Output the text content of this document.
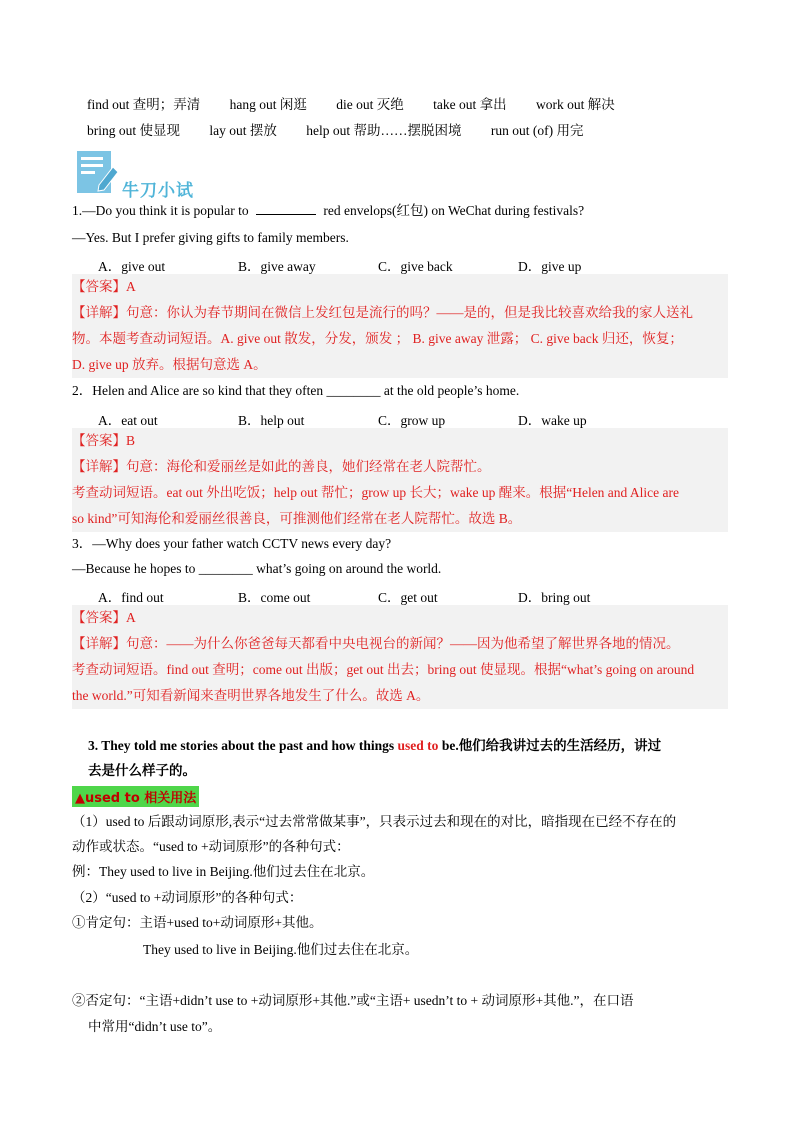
find out 查明；弄清 hang out 闲逛 die out 灭绝 take out 拿出 work out 解决
bring out 使显现 lay out 摆放 help out 帮助……摆脱困境 run out (of) 用完
牛刀小试
1.—Do you think it is popular to	red envelops(红包) on WeChat during festivals?
—Yes. But I prefer giving gifts to family members.
A．give out	B．give away	C．give back	D．give up
【答案】A
【详解】句意：你认为春节期间在微信上发红包是流行的吗？——是的，但是我比较喜欢给我的家人送礼
物。本题考查动词短语。A. give out 散发，分发，颁发 ； B. give away 泄露； C. give back 归还，恢复；
D. give up 放弃。根据句意选 A。
2．Helen and Alice are so kind that they often ________ at the old people’s home.
A．eat out	B．help out	C．grow up	D．wake up
【答案】B
【详解】句意：海伦和爱丽丝是如此的善良，她们经常在老人院帮忙。
考查动词短语。eat out 外出吃饭；help out 帮忙；grow up 长大；wake up 醒来。根据“Helen and Alice are
so kind”可知海伦和爱丽丝很善良，可推测他们经常在老人院帮忙。故选 B。
3．—Why does your father watch CCTV news every day?
—Because he hopes to ________ what’s going on around the world.
A．find out	B．come out	C．get out	D．bring out
【答案】A
【详解】句意：——为什么你爸爸每天都看中央电视台的新闻？——因为他希望了解世界各地的情况。
考查动词短语。find out 查明；come out 出版；get out 出去；bring out 使显现。根据“what’s going on around
the world.”可知看新闻来查明世界各地发生了什么。故选 A。
3. They told me stories about the past and how things used to be.他们给我讲过去的生活经历，讲过
去是什么样子的。
▲used to 相关用法
（1）used to 后跟动词原形,表示“过去常常做某事”，只表示过去和现在的对比，暗指现在已经不存在的
动作或状态。“used to +动词原形”的各种句式：
例：They used to live in Beijing.他们过去住在北京。
（2）“used to +动词原形”的各种句式：
①肯定句：主语+used to+动词原形+其他。
They used to live in Beijing.他们过去住在北京。
②否定句：“主语+didn’t use to +动词原形+其他.”或“主语+ usedn’t to + 动词原形+其他.”，在口语
中常用“didn’t use to”。
